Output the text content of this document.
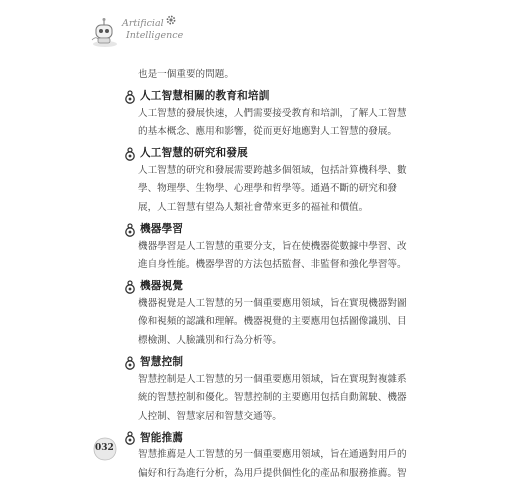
Artificial
Intelligence

也是一個重要的問題。

人工智慧相關的教育和培訓
人工智慧的發展快速，人們需要接受教育和培訓，了解人工智慧
的基本概念、應用和影響，從而更好地應對人工智慧的發展。
人工智慧的研究和發展
人工智慧的研究和發展需要跨越多個領域，包括計算機科學、數
學、物理學、生物學、心理學和哲學等。通過不斷的研究和發
展，人工智慧有望為人類社會帶來更多的福祉和價值。
機器學習
機器學習是人工智慧的重要分支，旨在使機器從數據中學習、改
進自身性能。機器學習的方法包括監督、非監督和強化學習等。
機器視覺
機器視覺是人工智慧的另一個重要應用領域，旨在實現機器對圖
像和視頻的認識和理解。機器視覺的主要應用包括圖像識別、目
標檢測、人臉識別和行為分析等。
智慧控制
智慧控制是人工智慧的另一個重要應用領域，旨在實現對複雜系
統的智慧控制和優化。智慧控制的主要應用包括自動駕駛、機器
人控制、智慧家居和智慧交通等。
智能推薦
智慧推薦是人工智慧的另一個重要應用領域，旨在通過對用戶的
偏好和行為進行分析，為用戶提供個性化的產品和服務推薦。智
032
